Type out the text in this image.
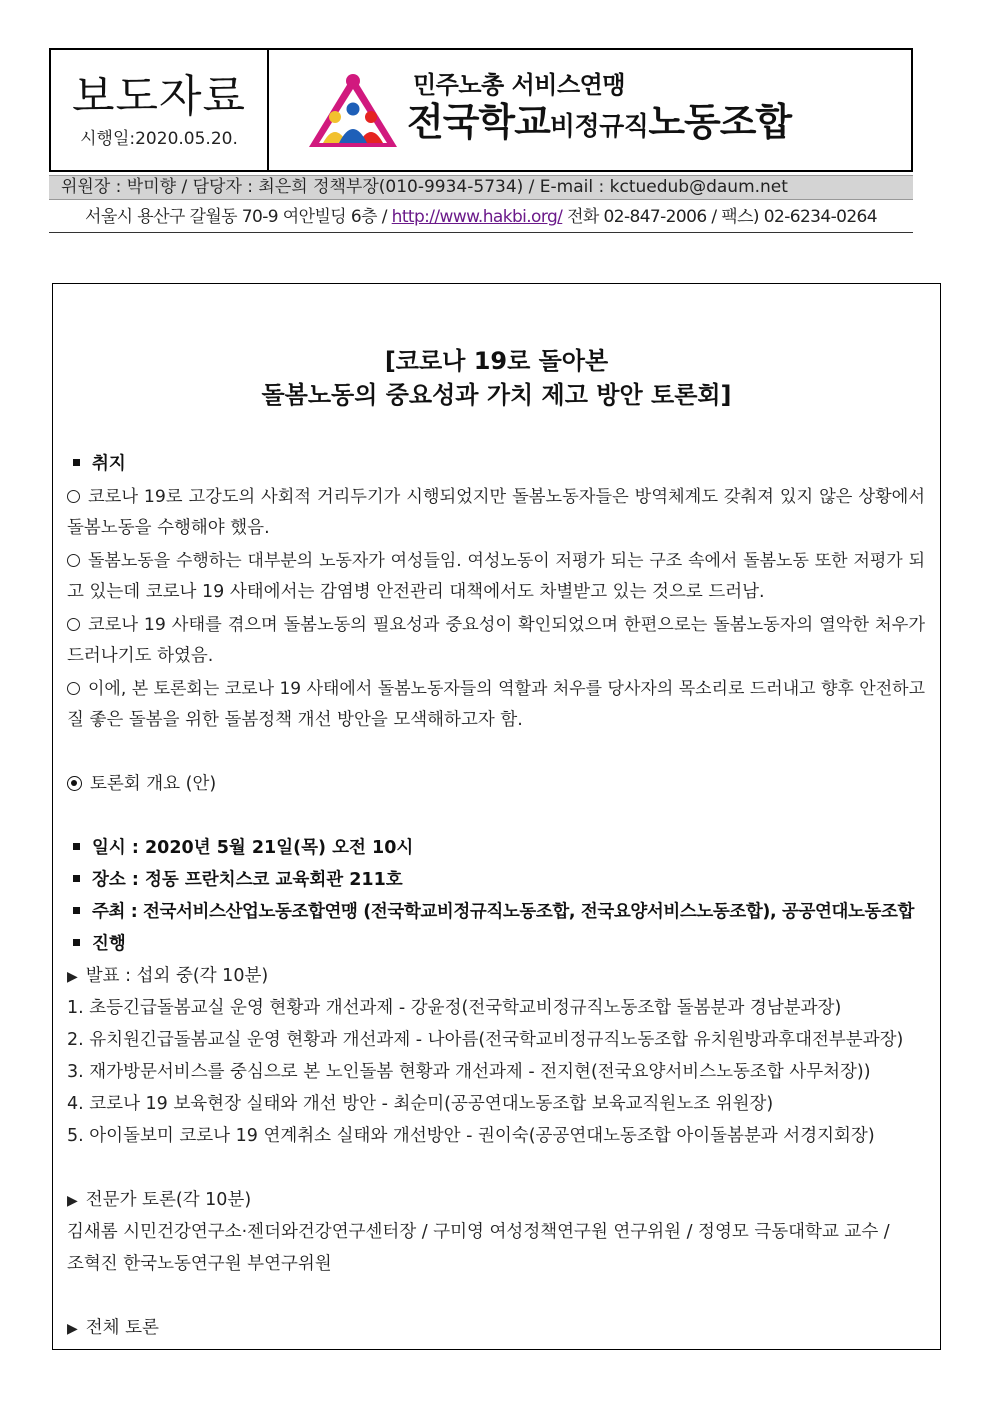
보도자료
시행일:2020.05.20.
민주노총 서비스연맹
전국학교비정규직노동조합
위원장 : 박미향 / 담당자 : 최은희 정책부장(010-9934-5734) / E-mail : kctuedub@daum.net
서울시 용산구 갈월동 70-9 여안빌딩 6층 / http://www.hakbi.org/ 전화 02-847-2006 / 팩스) 02-6234-0264
[코로나 19로 돌아본
돌봄노동의 중요성과 가치 제고 방안 토론회]
취지
코로나 19로 고강도의 사회적 거리두기가 시행되었지만 돌봄노동자들은 방역체계도 갖춰져 있지 않은 상황에서
돌봄노동을 수행해야 했음.
돌봄노동을 수행하는 대부분의 노동자가 여성들임. 여성노동이 저평가 되는 구조 속에서 돌봄노동 또한 저평가 되
고 있는데 코로나 19 사태에서는 감염병 안전관리 대책에서도 차별받고 있는 것으로 드러남.
코로나 19 사태를 겪으며 돌봄노동의 필요성과 중요성이 확인되었으며 한편으로는 돌봄노동자의 열악한 처우가
드러나기도 하였음.
이에, 본 토론회는 코로나 19 사태에서 돌봄노동자들의 역할과 처우를 당사자의 목소리로 드러내고 향후 안전하고
질 좋은 돌봄을 위한 돌봄정책 개선 방안을 모색해하고자 함.
토론회 개요 (안)
일시 : 2020년 5월 21일(목) 오전 10시
장소 : 정동 프란치스코 교육회관 211호
주최 : 전국서비스산업노동조합연맹 (전국학교비정규직노동조합, 전국요양서비스노동조합), 공공연대노동조합
진행
▶ 발표 : 섭외 중(각 10분)
1. 초등긴급돌봄교실 운영 현황과 개선과제 - 강윤정(전국학교비정규직노동조합 돌봄분과 경남분과장)
2. 유치원긴급돌봄교실 운영 현황과 개선과제 - 나아름(전국학교비정규직노동조합 유치원방과후대전부분과장)
3. 재가방문서비스를 중심으로 본 노인돌봄 현황과 개선과제 - 전지현(전국요양서비스노동조합 사무처장))
4. 코로나 19 보육현장 실태와 개선 방안 - 최순미(공공연대노동조합 보육교직원노조 위원장)
5. 아이돌보미 코로나 19 연계취소 실태와 개선방안 - 권이숙(공공연대노동조합 아이돌봄분과 서경지회장)
▶ 전문가 토론(각 10분)
김새롬 시민건강연구소·젠더와건강연구센터장 / 구미영 여성정책연구원 연구위원 / 정영모 극동대학교 교수 /
조혁진 한국노동연구원 부연구위원
▶ 전체 토론
